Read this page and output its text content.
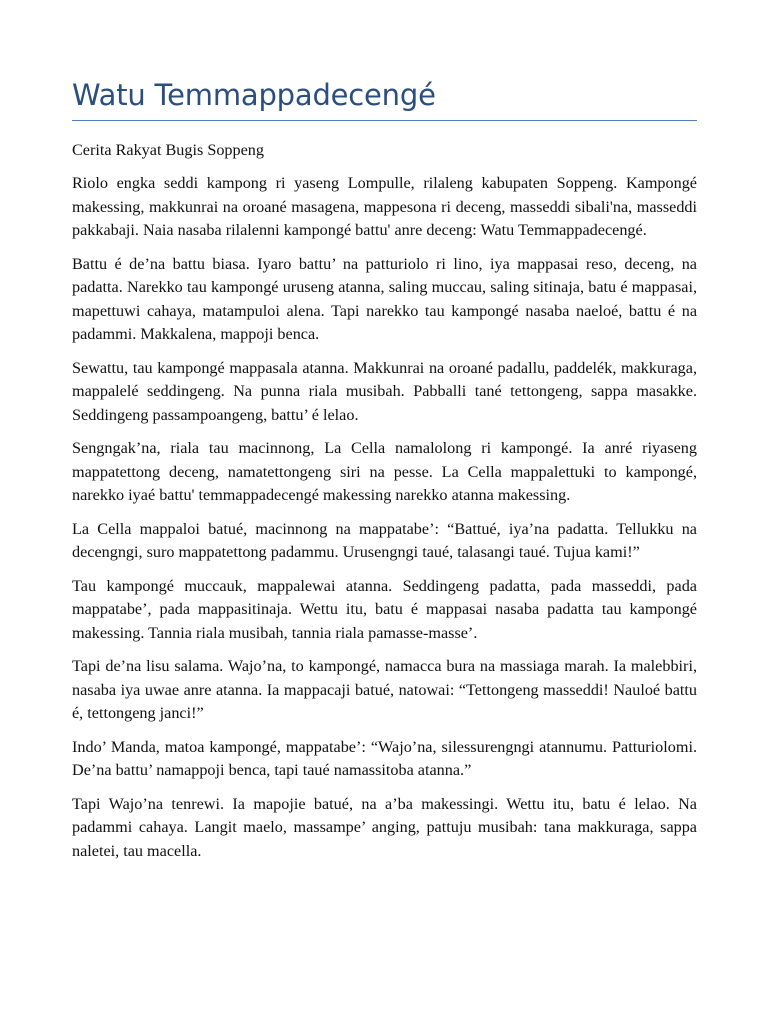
Watu Temmappadecengé

Cerita Rakyat Bugis Soppeng

Riolo engka seddi kampong ri yaseng Lompulle, rilaleng kabupaten Soppeng. Kampongé makessing, makkunrai na oroané masagena, mappesona ri deceng, masseddi sibali'na, masseddi pakkabaji. Naia nasaba rilalenni kampongé battu' anre deceng: Watu Temmappadecengé.

Battu é de’na battu biasa. Iyaro battu’ na patturiolo ri lino, iya mappasai reso, deceng, na padatta. Narekko tau kampongé uruseng atanna, saling muccau, saling sitinaja, batu é mappasai, mapettuwi cahaya, matampuloi alena. Tapi narekko tau kampongé nasaba naeloé, battu é na padammi. Makkalena, mappoji benca.

Sewattu, tau kampongé mappasala atanna. Makkunrai na oroané padallu, paddelék, makkuraga, mappalelé seddingeng. Na punna riala musibah. Pabballi tané tettongeng, sappa masakke. Seddingeng passampoangeng, battu’ é lelao.

Sengngak’na, riala tau macinnong, La Cella namalolong ri kampongé. Ia anré riyaseng mappatettong deceng, namatettongeng siri na pesse. La Cella mappalettuki to kampongé, narekko iyaé battu' temmappadecengé makessing narekko atanna makessing.

La Cella mappaloi batué, macinnong na mappatabe’: “Battué, iya’na padatta. Tellukku na decengngi, suro mappatettong padammu. Urusengngi taué, talasangi taué. Tujua kami!”

Tau kampongé muccauk, mappalewai atanna. Seddingeng padatta, pada masseddi, pada mappatabe’, pada mappasitinaja. Wettu itu, batu é mappasai nasaba padatta tau kampongé makessing. Tannia riala musibah, tannia riala pamasse-masse’.

Tapi de’na lisu salama. Wajo’na, to kampongé, namacca bura na massiaga marah. Ia malebbiri, nasaba iya uwae anre atanna. Ia mappacaji batué, natowai: “Tettongeng masseddi! Nauloé battu é, tettongeng janci!”

Indo’ Manda, matoa kampongé, mappatabe’: “Wajo’na, silessurengngi atannumu. Patturiolomi. De’na battu’ namappoji benca, tapi taué namassitoba atanna.”

Tapi Wajo’na tenrewi. Ia mapojie batué, na a’ba makessingi. Wettu itu, batu é lelao. Na padammi cahaya. Langit maelo, massampe’ anging, pattuju musibah: tana makkuraga, sappa naletei, tau macella.
